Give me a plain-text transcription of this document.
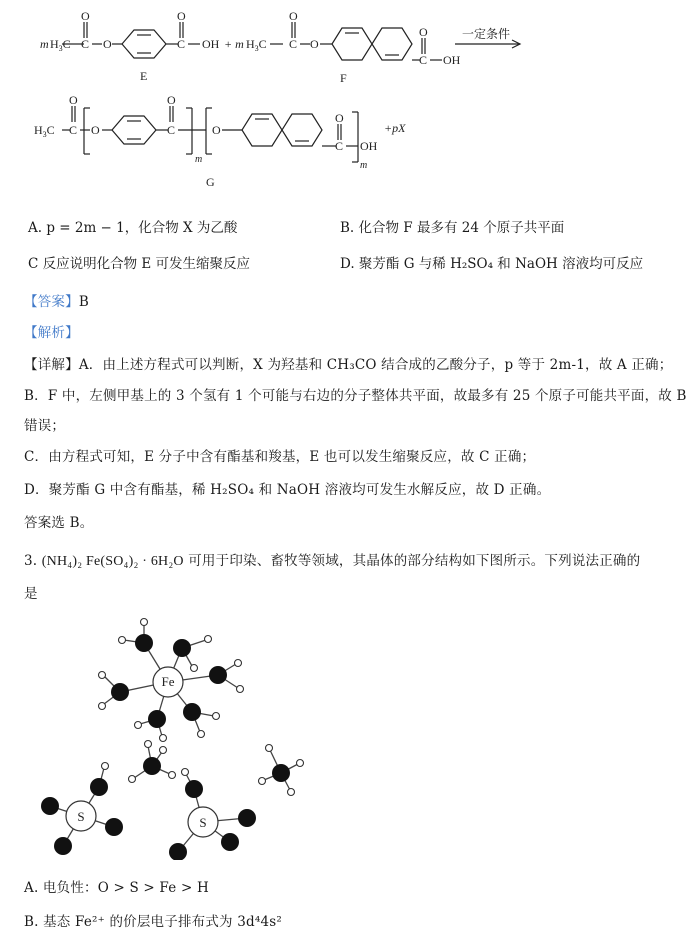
m $H_3C$
O
C O
O
C OH
E
+ m $H_3C$
O
C O
O
C OH
F
一定条件
$H_3C$
O
C O
O
C
m
O
O
C OH
m
+pX
G
A. p = 2m − 1，化合物 X 为乙酸	B. 化合物 F 最多有 24 个原子共平面
C 反应说明化合物 E 可发生缩聚反应	D. 聚芳酯 G 与稀 H₂SO₄ 和 NaOH 溶液均可反应
【答案】B
【解析】
【详解】A．由上述方程式可以判断，X 为羟基和 CH₃CO 结合成的乙酸分子，p 等于 2m-1，故 A 正确；
B．F 中，左侧甲基上的 3 个氢有 1 个可能与右边的分子整体共平面，故最多有 25 个原子可能共平面，故 B
错误；
C．由方程式可知，E 分子中含有酯基和羧基，E 也可以发生缩聚反应，故 C 正确；
D．聚芳酯 G 中含有酯基，稀 H₂SO₄ 和 NaOH 溶液均可发生水解反应，故 D 正确。
答案选 B。
3. (NH₄)₂ Fe(SO₄)₂ · 6H₂O 可用于印染、畜牧等领域，其晶体的部分结构如下图所示。下列说法正确的
是
Fe
S	S
A. 电负性：O > S > Fe > H
B. 基态 Fe²⁺ 的价层电子排布式为 3d⁴4s²
